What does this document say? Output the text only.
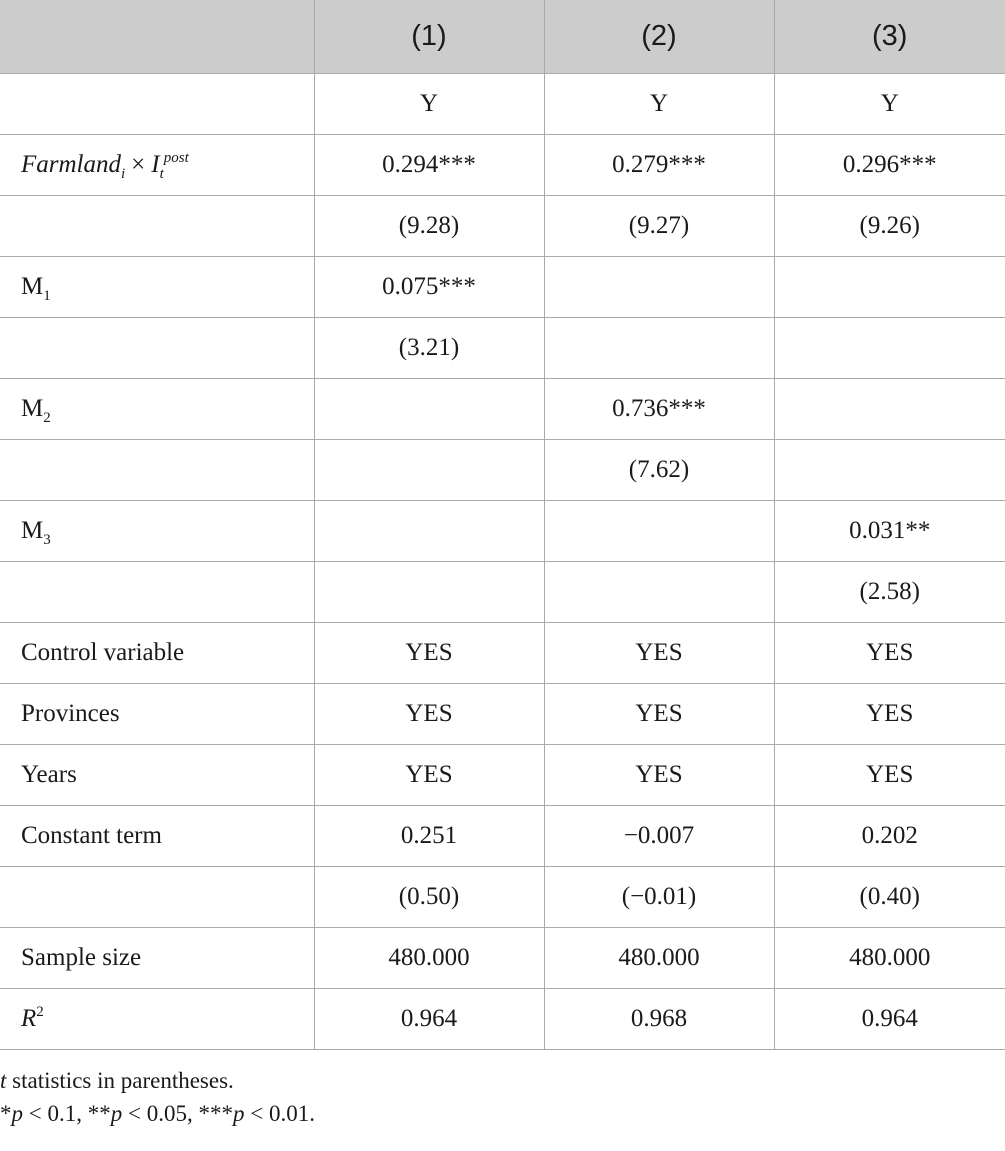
	(1)	(2)	(3)
	Y	Y	Y
Farmland$_i$ × $I_t^{post}$	0.294***	0.279***	0.296***
	(9.28)	(9.27)	(9.26)
$M_1$	0.075***		
	(3.21)		
$M_2$		0.736***	
		(7.62)	
$M_3$			0.031**
			(2.58)
Control variable	YES	YES	YES
Provinces	YES	YES	YES
Years	YES	YES	YES
Constant term	0.251	−0.007	0.202
	(0.50)	(−0.01)	(0.40)
Sample size	480.000	480.000	480.000
$R^2$	0.964	0.968	0.964
t statistics in parentheses.
*p < 0.1, **p < 0.05, ***p < 0.01.
